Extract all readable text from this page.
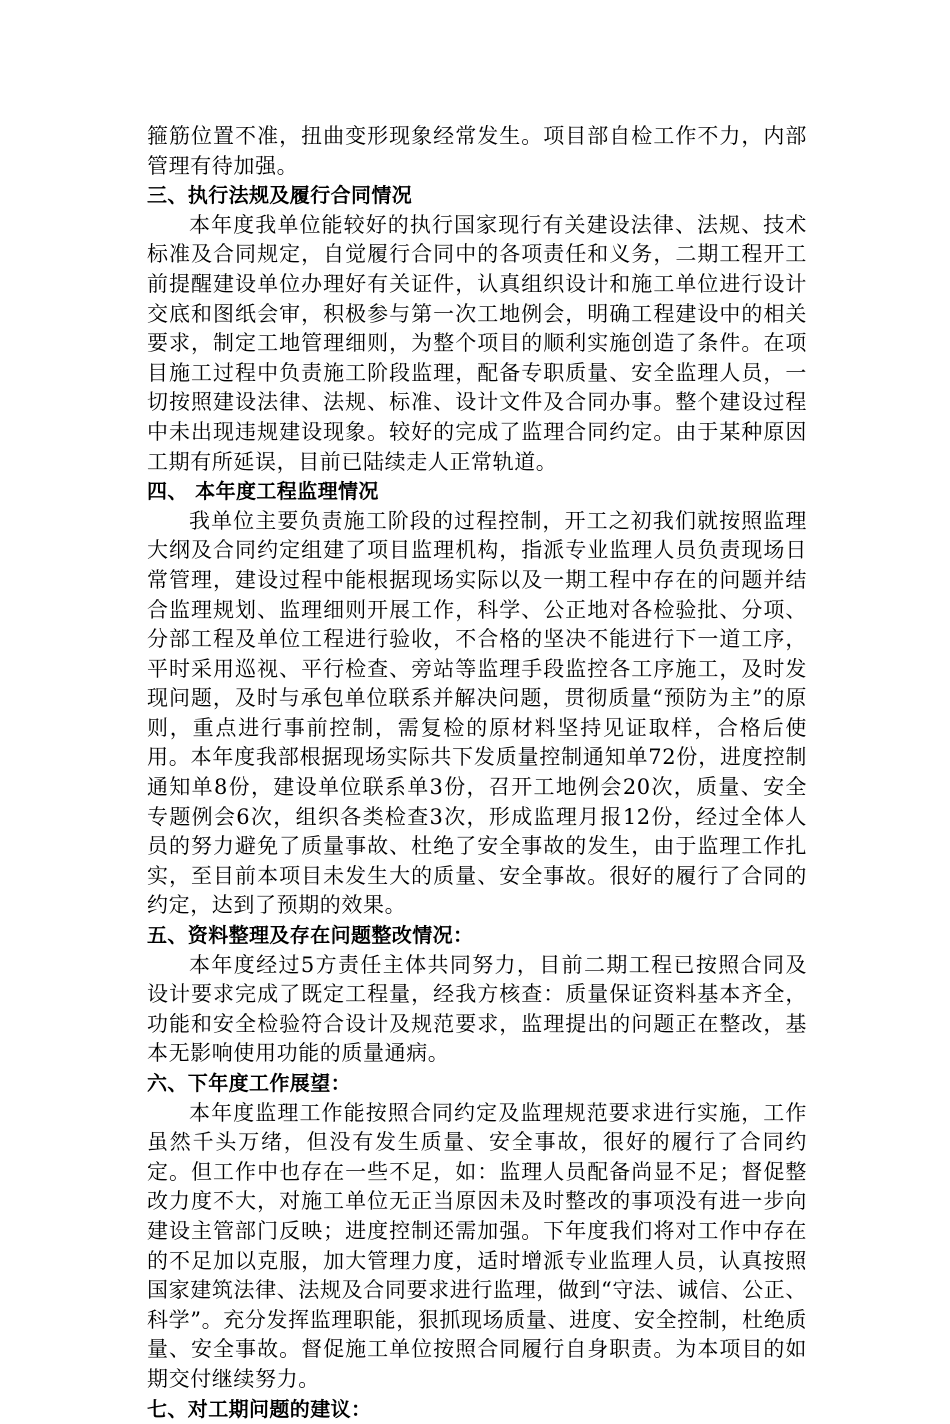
箍筋位置不准，扭曲变形现象经常发生。项目部自检工作不力，内部管理有待加强。

三、执行法规及履行合同情况

本年度我单位能较好的执行国家现行有关建设法律、法规、技术标准及合同规定，自觉履行合同中的各项责任和义务，二期工程开工前提醒建设单位办理好有关证件，认真组织设计和施工单位进行设计交底和图纸会审，积极参与第一次工地例会，明确工程建设中的相关要求，制定工地管理细则，为整个项目的顺利实施创造了条件。在项目施工过程中负责施工阶段监理，配备专职质量、安全监理人员，一切按照建设法律、法规、标准、设计文件及合同办事。整个建设过程中未出现违规建设现象。较好的完成了监理合同约定。由于某种原因工期有所延误，目前已陆续走人正常轨道。

四、 本年度工程监理情况

我单位主要负责施工阶段的过程控制，开工之初我们就按照监理大纲及合同约定组建了项目监理机构，指派专业监理人员负责现场日常管理，建设过程中能根据现场实际以及一期工程中存在的问题并结合监理规划、监理细则开展工作，科学、公正地对各检验批、分项、分部工程及单位工程进行验收，不合格的坚决不能进行下一道工序，平时采用巡视、平行检查、旁站等监理手段监控各工序施工，及时发现问题，及时与承包单位联系并解决问题，贯彻质量“预防为主”的原则，重点进行事前控制，需复检的原材料坚持见证取样，合格后使用。本年度我部根据现场实际共下发质量控制通知单72份，进度控制通知单8份，建设单位联系单3份，召开工地例会20次，质量、安全专题例会6次，组织各类检查3次，形成监理月报12份，经过全体人员的努力避免了质量事故、杜绝了安全事故的发生，由于监理工作扎实，至目前本项目未发生大的质量、安全事故。很好的履行了合同的约定，达到了预期的效果。

五、资料整理及存在问题整改情况：

本年度经过5方责任主体共同努力，目前二期工程已按照合同及设计要求完成了既定工程量，经我方核查：质量保证资料基本齐全，功能和安全检验符合设计及规范要求，监理提出的问题正在整改，基本无影响使用功能的质量通病。

六、下年度工作展望：

本年度监理工作能按照合同约定及监理规范要求进行实施，工作虽然千头万绪，但没有发生质量、安全事故，很好的履行了合同约定。但工作中也存在一些不足，如：监理人员配备尚显不足；督促整改力度不大，对施工单位无正当原因未及时整改的事项没有进一步向建设主管部门反映；进度控制还需加强。下年度我们将对工作中存在的不足加以克服，加大管理力度，适时增派专业监理人员，认真按照国家建筑法律、法规及合同要求进行监理，做到“守法、诚信、公正、科学”。充分发挥监理职能，狠抓现场质量、进度、安全控制，杜绝质量、安全事故。督促施工单位按照合同履行自身职责。为本项目的如期交付继续努力。

七、对工期问题的建议：
